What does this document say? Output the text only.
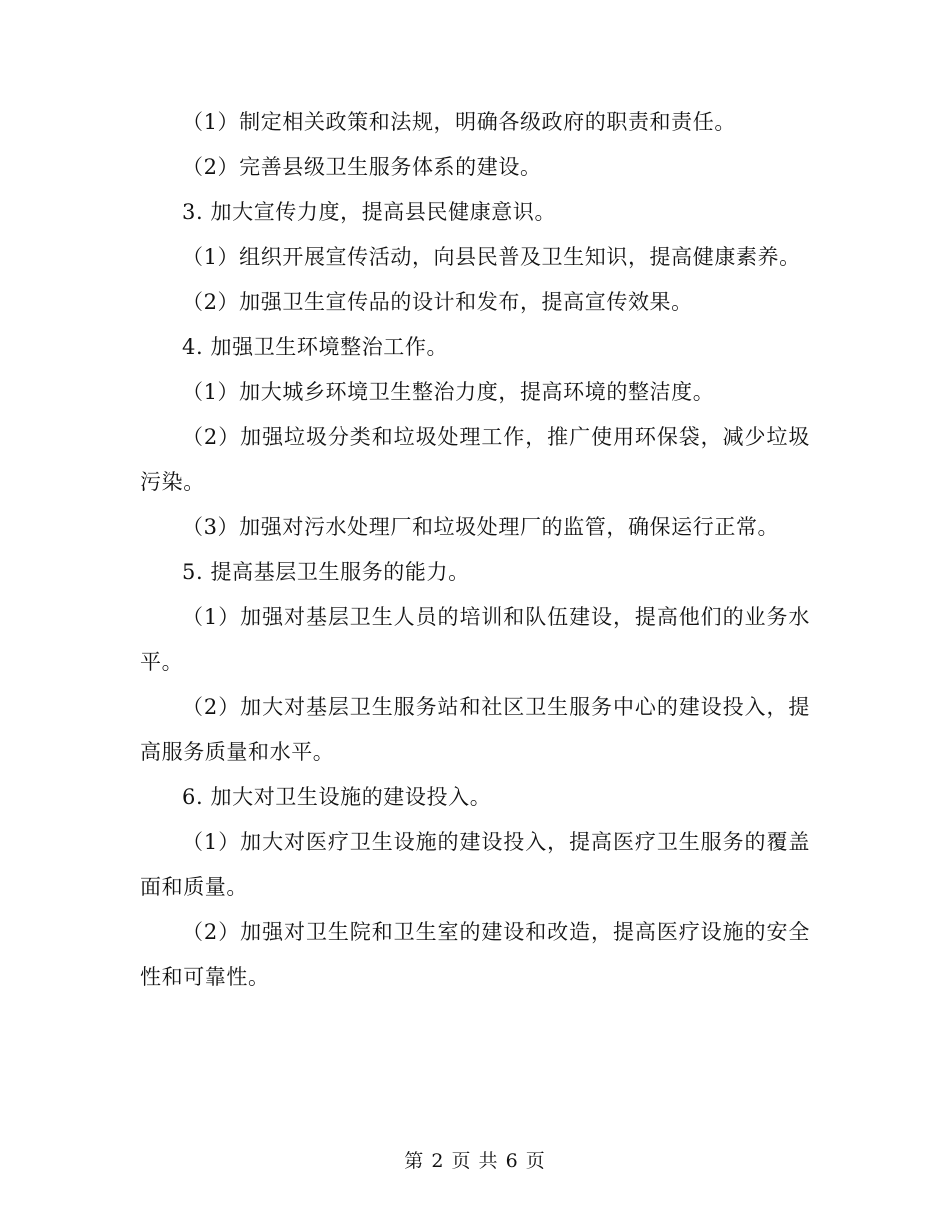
（1）制定相关政策和法规，明确各级政府的职责和责任。

（2）完善县级卫生服务体系的建设。

3. 加大宣传力度，提高县民健康意识。

（1）组织开展宣传活动，向县民普及卫生知识，提高健康素养。

（2）加强卫生宣传品的设计和发布，提高宣传效果。

4. 加强卫生环境整治工作。

（1）加大城乡环境卫生整治力度，提高环境的整洁度。

（2）加强垃圾分类和垃圾处理工作，推广使用环保袋，减少垃圾污染。

（3）加强对污水处理厂和垃圾处理厂的监管，确保运行正常。

5. 提高基层卫生服务的能力。

（1）加强对基层卫生人员的培训和队伍建设，提高他们的业务水平。

（2）加大对基层卫生服务站和社区卫生服务中心的建设投入，提高服务质量和水平。

6. 加大对卫生设施的建设投入。

（1）加大对医疗卫生设施的建设投入，提高医疗卫生服务的覆盖面和质量。

（2）加强对卫生院和卫生室的建设和改造，提高医疗设施的安全性和可靠性。

第 2 页 共 6 页
